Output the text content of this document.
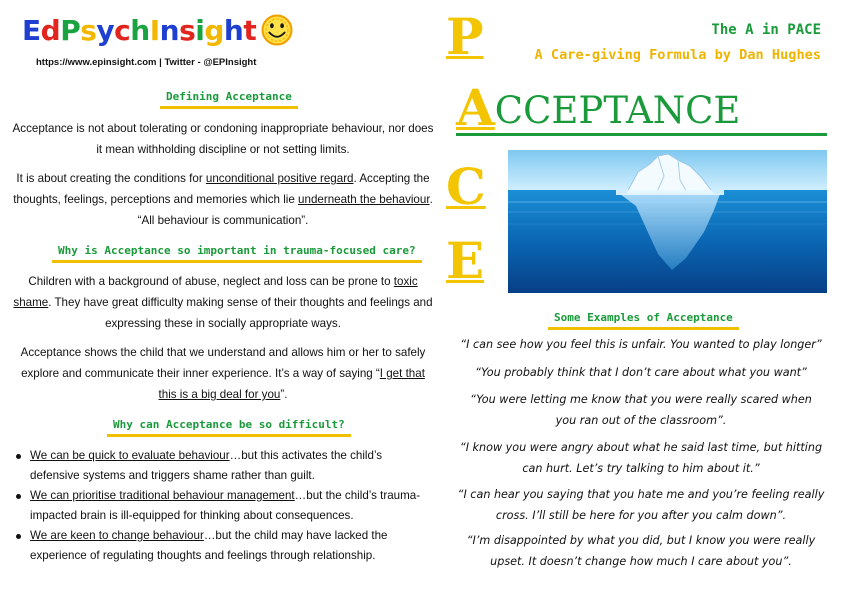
EdPsychInsight
https://www.epinsight.com | Twitter - @EPInsight
Defining Acceptance
Acceptance is not about tolerating or condoning inappropriate behaviour, nor does it mean withholding discipline or not setting limits.
It is about creating the conditions for unconditional positive regard. Accepting the thoughts, feelings, perceptions and memories which lie underneath the behaviour. “All behaviour is communication”.
Why is Acceptance so important in trauma-focused care?
Children with a background of abuse, neglect and loss can be prone to toxic shame. They have great difficulty making sense of their thoughts and feelings and expressing these in socially appropriate ways.
Acceptance shows the child that we understand and allows him or her to safely explore and communicate their inner experience. It’s a way of saying “I get that this is a big deal for you”.
Why can Acceptance be so difficult?
We can be quick to evaluate behaviour…but this activates the child’s defensive systems and triggers shame rather than guilt.
We can prioritise traditional behaviour management…but the child’s trauma-impacted brain is ill-equipped for thinking about consequences.
We are keen to change behaviour…but the child may have lacked the experience of regulating thoughts and feelings through relationship.
P
C
E
The A in PACE
A Care-giving Formula by Dan Hughes
A CCEPTANCE
Some Examples of Acceptance
“I can see how you feel this is unfair. You wanted to play longer”
“You probably think that I don’t care about what you want”
“You were letting me know that you were really scared when you ran out of the classroom”.
“I know you were angry about what he said last time, but hitting can hurt. Let’s try talking to him about it.”
“I can hear you saying that you hate me and you’re feeling really cross. I’ll still be here for you after you calm down”.
“I’m disappointed by what you did, but I know you were really upset. It doesn’t change how much I care about you”.
